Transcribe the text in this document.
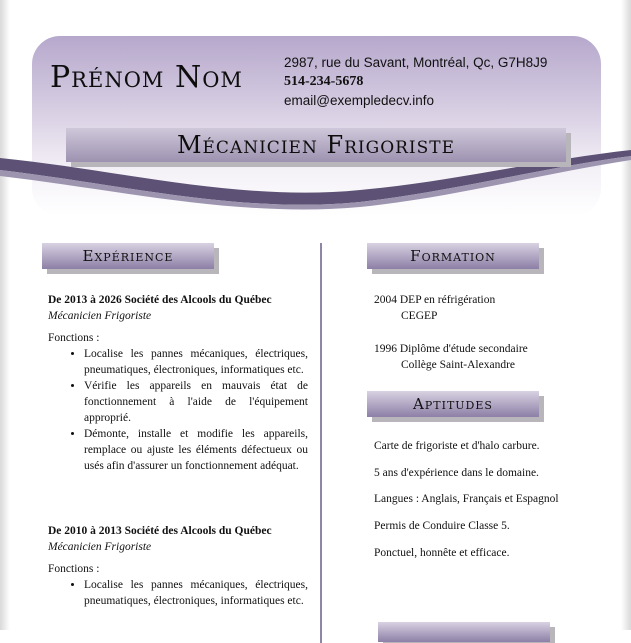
Prénom Nom	2987, rue du Savant, Montréal, Qc, G7H8J9
514-234-5678
email@exempledecv.info
Mécanicien Frigoriste
Expérience
De 2013 à 2026 Société des Alcools du Québec
Mécanicien Frigoriste
Fonctions :
• Localise les pannes mécaniques, électriques, pneumatiques, électroniques, informatiques etc.
• Vérifie les appareils en mauvais état de fonctionnement à l'aide de l'équipement approprié.
• Démonte, installe et modifie les appareils, remplace ou ajuste les éléments défectueux ou usés afin d'assurer un fonctionnement adéquat.
De 2010 à 2013 Société des Alcools du Québec
Mécanicien Frigoriste
Fonctions :
• Localise les pannes mécaniques, électriques, pneumatiques, électroniques, informatiques etc.
Formation
2004 DEP en réfrigération
CEGEP
1996 Diplôme d'étude secondaire
Collège Saint-Alexandre
Aptitudes
Carte de frigoriste et d'halo carbure.
5 ans d'expérience dans le domaine.
Langues : Anglais, Français et Espagnol
Permis de Conduire Classe 5.
Ponctuel, honnête et efficace.
